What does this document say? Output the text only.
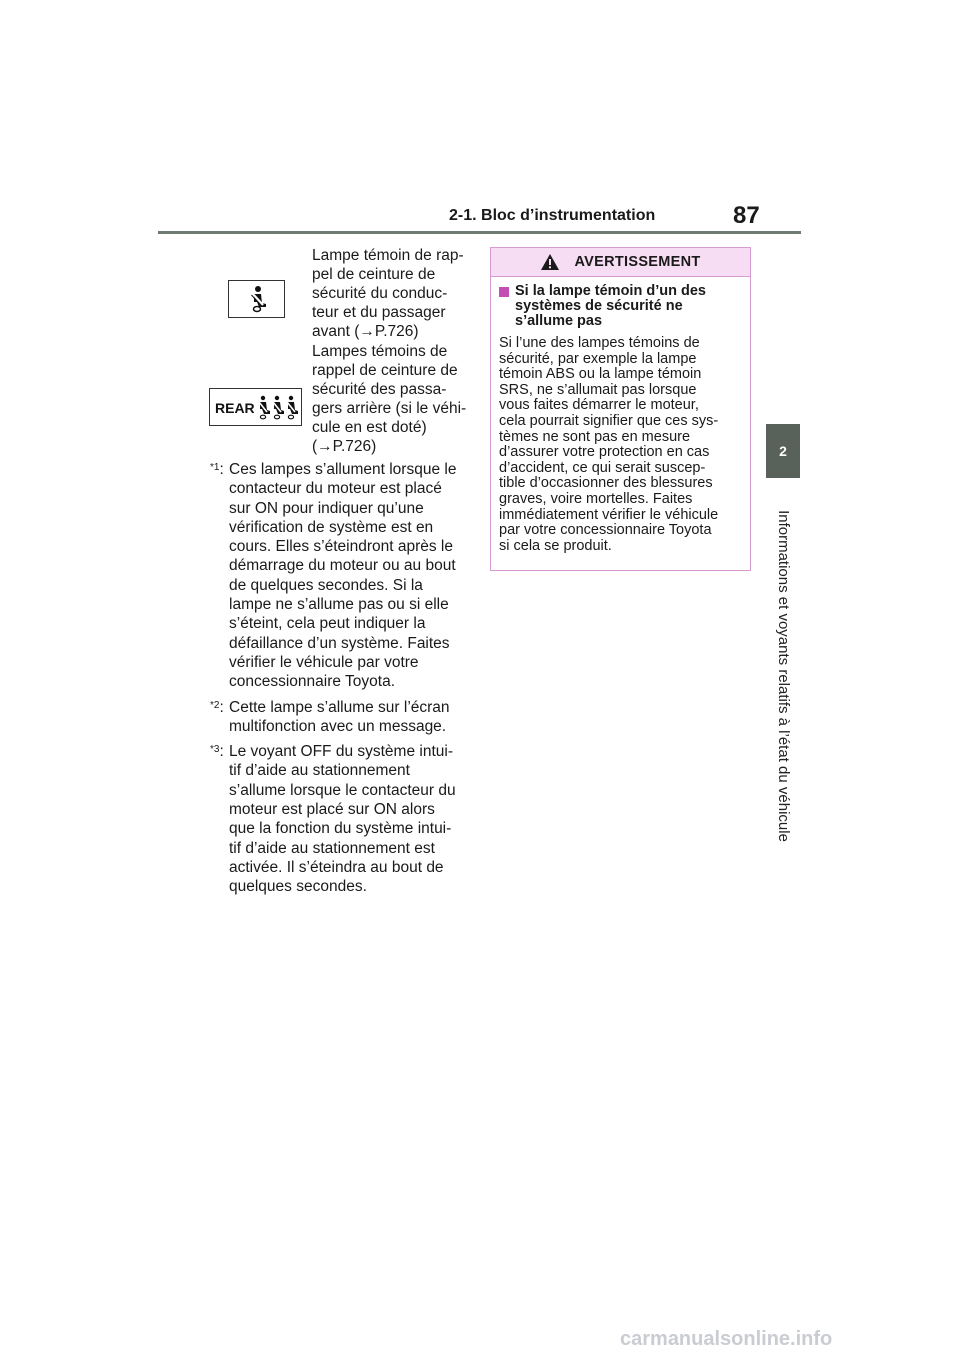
2-1. Bloc d’instrumentation	87
2
Informations et voyants relatifs à l’état du véhicule

Lampe témoin de rap-
pel de ceinture de
sécurité du conduc-
teur et du passager
avant (→P.726)

REAR

Lampes témoins de
rappel de ceinture de
sécurité des passa-
gers arrière (si le véhi-
cule en est doté)
(→P.726)

$^{*1}$: Ces lampes s’allument lorsque le
contacteur du moteur est placé
sur ON pour indiquer qu’une
vérification de système est en
cours. Elles s’éteindront après le
démarrage du moteur ou au bout
de quelques secondes. Si la
lampe ne s’allume pas ou si elle
s’éteint, cela peut indiquer la
défaillance d’un système. Faites
vérifier le véhicule par votre
concessionnaire Toyota.
$^{*2}$: Cette lampe s’allume sur l’écran
multifonction avec un message.
$^{*3}$: Le voyant OFF du système intui-
tif d’aide au stationnement
s’allume lorsque le contacteur du
moteur est placé sur ON alors
que la fonction du système intui-
tif d’aide au stationnement est
activée. Il s’éteindra au bout de
quelques secondes.
AVERTISSEMENT
Si la lampe témoin d’un des
systèmes de sécurité ne
s’allume pas
Si l’une des lampes témoins de
sécurité, par exemple la lampe
témoin ABS ou la lampe témoin
SRS, ne s’allumait pas lorsque
vous faites démarrer le moteur,
cela pourrait signifier que ces sys-
tèmes ne sont pas en mesure
d’assurer votre protection en cas
d’accident, ce qui serait suscep-
tible d’occasionner des blessures
graves, voire mortelles. Faites
immédiatement vérifier le véhicule
par votre concessionnaire Toyota
si cela se produit.
carmanualsonline.info
